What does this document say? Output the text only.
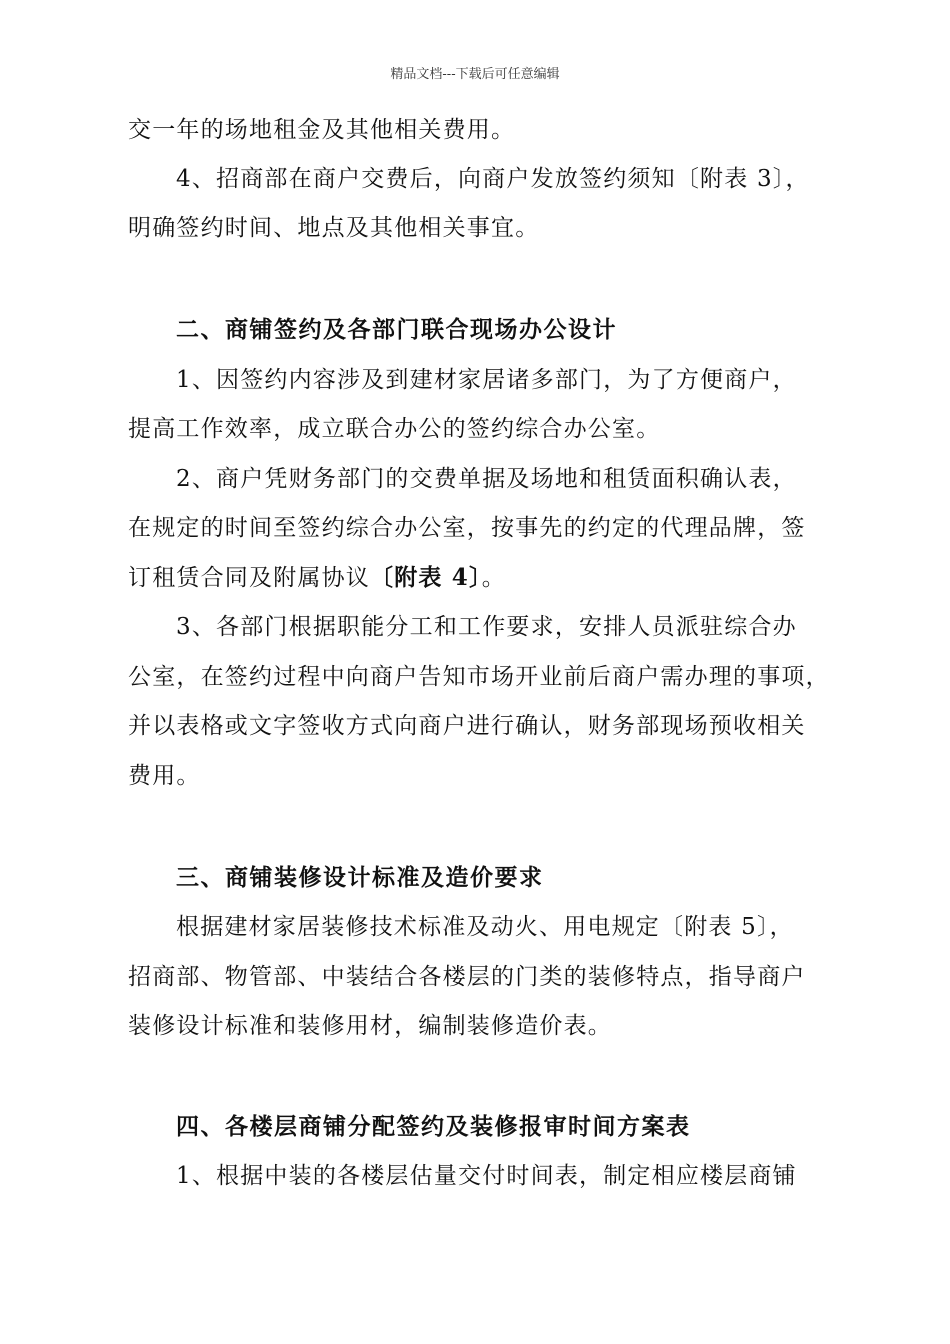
精品文档---下载后可任意编辑
交一年的场地租金及其他相关费用。
4、招商部在商户交费后，向商户发放签约须知〔附表 3〕，
明确签约时间、地点及其他相关事宜。
二、商铺签约及各部门联合现场办公设计
1、因签约内容涉及到建材家居诸多部门，为了方便商户，
提高工作效率，成立联合办公的签约综合办公室。
2、商户凭财务部门的交费单据及场地和租赁面积确认表，
在规定的时间至签约综合办公室，按事先的约定的代理品牌，签
订租赁合同及附属协议〔附表 4〕。
3、各部门根据职能分工和工作要求，安排人员派驻综合办
公室，在签约过程中向商户告知市场开业前后商户需办理的事项，
并以表格或文字签收方式向商户进行确认，财务部现场预收相关
费用。
三、商铺装修设计标准及造价要求
根据建材家居装修技术标准及动火、用电规定〔附表 5〕，
招商部、物管部、中装结合各楼层的门类的装修特点，指导商户
装修设计标准和装修用材，编制装修造价表。
四、各楼层商铺分配签约及装修报审时间方案表
1、根据中装的各楼层估量交付时间表，制定相应楼层商铺
